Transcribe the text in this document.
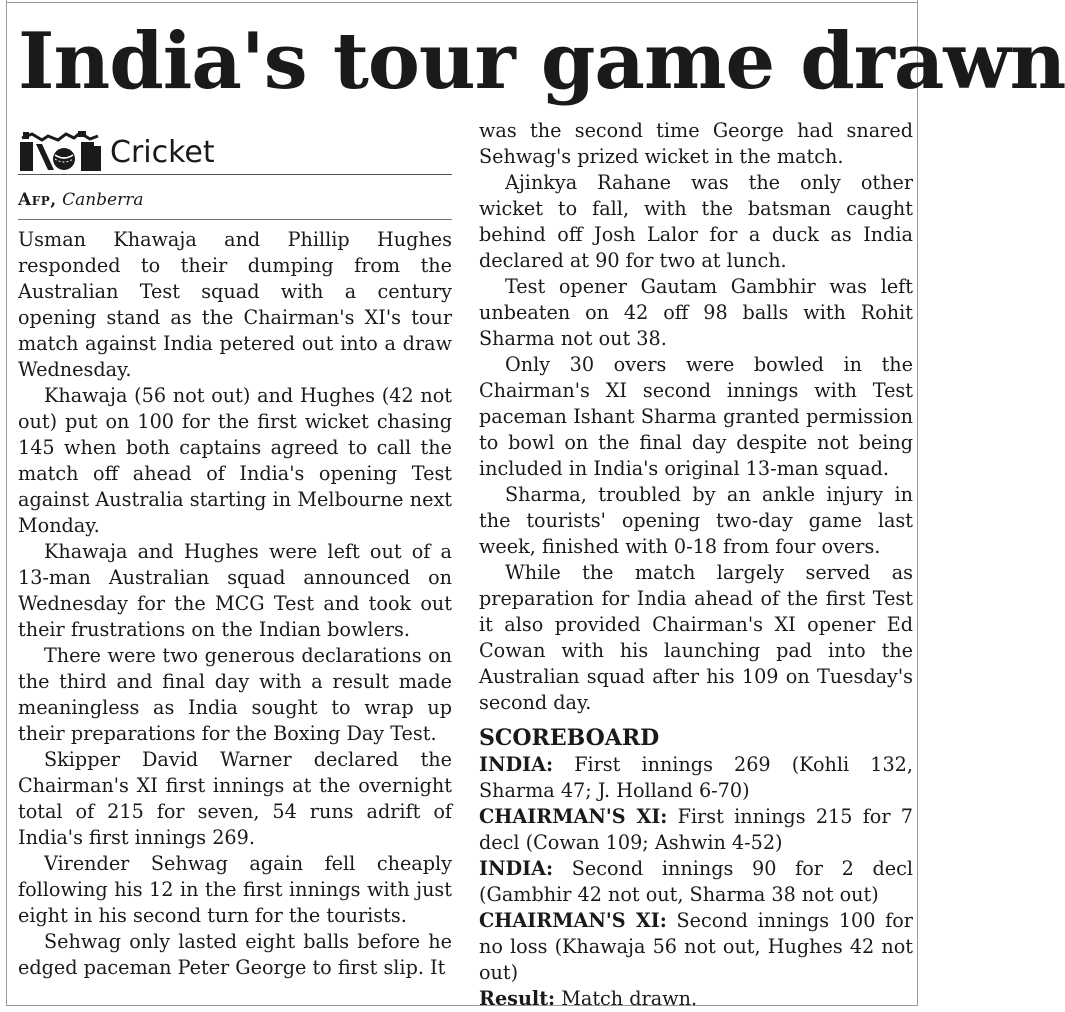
India's tour game drawn
Cricket
Afp, Canberra

Usman Khawaja and Phillip Hughes responded to their dumping from the Australian Test squad with a century opening stand as the Chairman's XI's tour match against India petered out into a draw Wednesday.

Khawaja (56 not out) and Hughes (42 not out) put on 100 for the first wicket chasing 145 when both captains agreed to call the match off ahead of India's opening Test against Australia starting in Melbourne next Monday.

Khawaja and Hughes were left out of a 13-man Australian squad announced on Wednesday for the MCG Test and took out their frustrations on the Indian bowlers.

There were two generous declarations on the third and final day with a result made meaningless as India sought to wrap up their preparations for the Boxing Day Test.

Skipper David Warner declared the Chairman's XI first innings at the overnight total of 215 for seven, 54 runs adrift of India's first innings 269.

Virender Sehwag again fell cheaply following his 12 in the first innings with just eight in his second turn for the tourists.

Sehwag only lasted eight balls before he edged paceman Peter George to first slip. It

was the second time George had snared Sehwag's prized wicket in the match.

Ajinkya Rahane was the only other wicket to fall, with the batsman caught behind off Josh Lalor for a duck as India declared at 90 for two at lunch.

Test opener Gautam Gambhir was left unbeaten on 42 off 98 balls with Rohit Sharma not out 38.

Only 30 overs were bowled in the Chairman's XI second innings with Test paceman Ishant Sharma granted permission to bowl on the final day despite not being included in India's original 13-man squad.

Sharma, troubled by an ankle injury in the tourists' opening two-day game last week, finished with 0-18 from four overs.

While the match largely served as preparation for India ahead of the first Test it also provided Chairman's XI opener Ed Cowan with his launching pad into the Australian squad after his 109 on Tuesday's second day.

SCOREBOARD

INDIA: First innings 269 (Kohli 132, Sharma 47; J. Holland 6-70)

CHAIRMAN'S XI: First innings 215 for 7 decl (Cowan 109; Ashwin 4-52)

INDIA: Second innings 90 for 2 decl (Gambhir 42 not out, Sharma 38 not out)

CHAIRMAN'S XI: Second innings 100 for no loss (Khawaja 56 not out, Hughes 42 not out)

Result: Match drawn.
